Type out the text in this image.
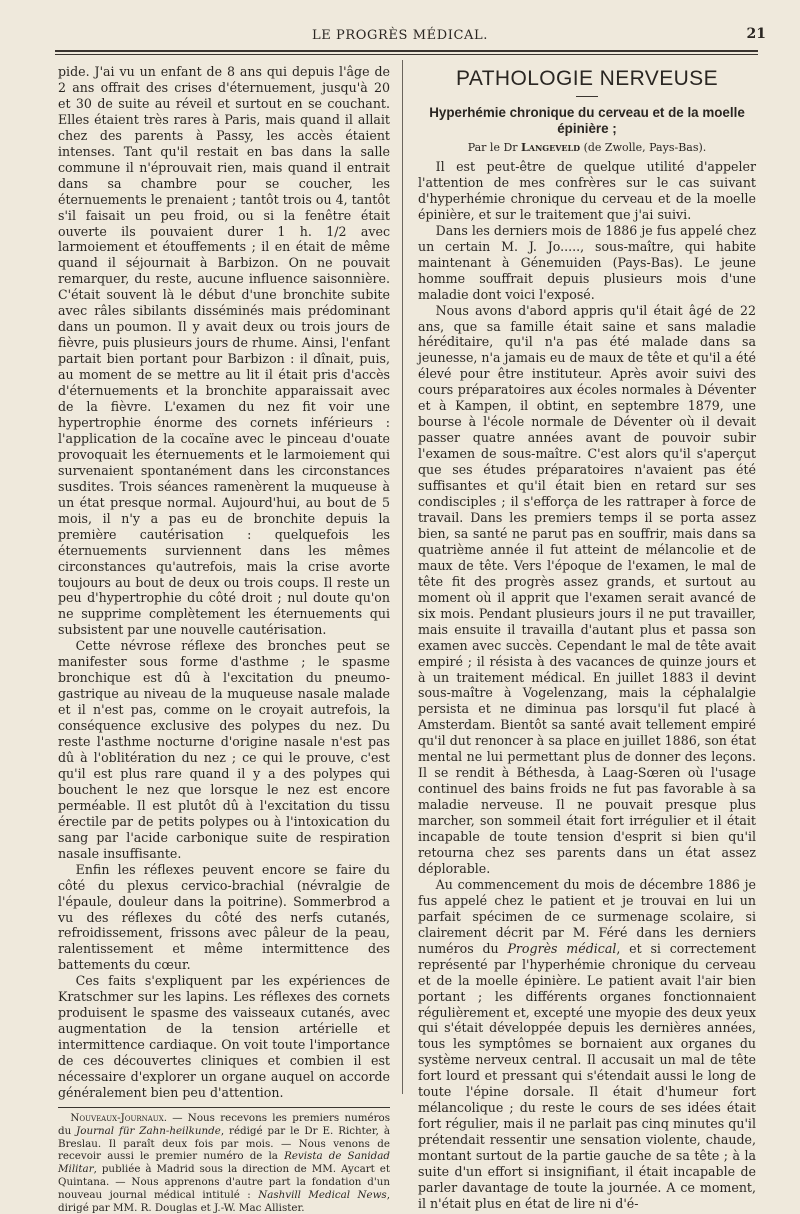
LE PROGRÈS MÉDICAL.	21

pide. J'ai vu un enfant de 8 ans qui depuis l'âge de 2 ans offrait des crises d'éternuement, jusqu'à 20 et 30 de suite au réveil et surtout en se couchant. Elles étaient très rares à Paris, mais quand il allait chez des parents à Passy, les accès étaient intenses. Tant qu'il restait en bas dans la salle commune il n'éprouvait rien, mais quand il entrait dans sa chambre pour se coucher, les éternuements le prenaient ; tantôt trois ou 4, tantôt s'il faisait un peu froid, ou si la fenêtre était ouverte ils pouvaient durer 1 h. 1/2 avec larmoiement et étouffements ; il en était de même quand il séjournait à Barbizon. On ne pouvait remarquer, du reste, aucune influence saisonnière. C'était souvent là le début d'une bronchite subite avec râles sibilants disséminés mais prédominant dans un poumon. Il y avait deux ou trois jours de fièvre, puis plusieurs jours de rhume. Ainsi, l'enfant partait bien portant pour Barbizon : il dînait, puis, au moment de se mettre au lit il était pris d'accès d'éternuements et la bronchite apparaissait avec de la fièvre. L'examen du nez fit voir une hypertrophie énorme des cornets inférieurs : l'application de la cocaïne avec le pinceau d'ouate provoquait les éternuements et le larmoiement qui survenaient spontanément dans les circonstances susdites. Trois séances ramenèrent la muqueuse à un état presque normal. Aujourd'hui, au bout de 5 mois, il n'y a pas eu de bronchite depuis la première cautérisation : quelquefois les éternuements surviennent dans les mêmes circonstances qu'autrefois, mais la crise avorte toujours au bout de deux ou trois coups. Il reste un peu d'hypertrophie du côté droit ; nul doute qu'on ne supprime complètement les éternuements qui subsistent par une nouvelle cautérisation.

Cette névrose réflexe des bronches peut se manifester sous forme d'asthme ; le spasme bronchique est dû à l'excitation du pneumo-gastrique au niveau de la muqueuse nasale malade et il n'est pas, comme on le croyait autrefois, la conséquence exclusive des polypes du nez. Du reste l'asthme nocturne d'origine nasale n'est pas dû à l'oblitération du nez ; ce qui le prouve, c'est qu'il est plus rare quand il y a des polypes qui bouchent le nez que lorsque le nez est encore perméable. Il est plutôt dû à l'excitation du tissu érectile par de petits polypes ou à l'intoxication du sang par l'acide carbonique suite de respiration nasale insuffisante.

Enfin les réflexes peuvent encore se faire du côté du plexus cervico-brachial (névralgie de l'épaule, douleur dans la poitrine). Sommerbrod a vu des réflexes du côté des nerfs cutanés, refroidissement, frissons avec pâleur de la peau, ralentissement et même intermittence des battements du cœur.

Ces faits s'expliquent par les expériences de Kratschmer sur les lapins. Les réflexes des cornets produisent le spasme des vaisseaux cutanés, avec augmentation de la tension artérielle et intermittence cardiaque. On voit toute l'importance de ces découvertes cliniques et combien il est nécessaire d'explorer un organe auquel on accorde généralement bien peu d'attention.

Nouveaux-Journaux. — Nous recevons les premiers numéros du Journal für Zahn-heilkunde, rédigé par le Dr E. Richter, à Breslau. Il paraît deux fois par mois. — Nous venons de recevoir aussi le premier numéro de la Revista de Sanidad Militar, publiée à Madrid sous la direction de MM. Aycart et Quintana. — Nous apprenons d'autre part la fondation d'un nouveau journal médical intitulé : Nashvill Medical News, dirigé par MM. R. Douglas et J.-W. Mac Allister.

PATHOLOGIE NERVEUSE
Hyperhémie chronique du cerveau et de la moelle épinière ;
Par le Dr Langeveld (de Zwolle, Pays-Bas).

Il est peut-être de quelque utilité d'appeler l'attention de mes confrères sur le cas suivant d'hyperhémie chronique du cerveau et de la moelle épinière, et sur le traitement que j'ai suivi.

Dans les derniers mois de 1886 je fus appelé chez un certain M. J. Jo....., sous-maître, qui habite maintenant à Génemuiden (Pays-Bas). Le jeune homme souffrait depuis plusieurs mois d'une maladie dont voici l'exposé.

Nous avons d'abord appris qu'il était âgé de 22 ans, que sa famille était saine et sans maladie héréditaire, qu'il n'a pas été malade dans sa jeunesse, n'a jamais eu de maux de tête et qu'il a été élevé pour être instituteur. Après avoir suivi des cours préparatoires aux écoles normales à Déventer et à Kampen, il obtint, en septembre 1879, une bourse à l'école normale de Déventer où il devait passer quatre années avant de pouvoir subir l'examen de sous-maître. C'est alors qu'il s'aperçut que ses études préparatoires n'avaient pas été suffisantes et qu'il était bien en retard sur ses condisciples ; il s'efforça de les rattraper à force de travail. Dans les premiers temps il se porta assez bien, sa santé ne parut pas en souffrir, mais dans sa quatrième année il fut atteint de mélancolie et de maux de tête. Vers l'époque de l'examen, le mal de tête fit des progrès assez grands, et surtout au moment où il apprit que l'examen serait avancé de six mois. Pendant plusieurs jours il ne put travailler, mais ensuite il travailla d'autant plus et passa son examen avec succès. Cependant le mal de tête avait empiré ; il résista à des vacances de quinze jours et à un traitement médical. En juillet 1883 il devint sous-maître à Vogelenzang, mais la céphalalgie persista et ne diminua pas lorsqu'il fut placé à Amsterdam. Bientôt sa santé avait tellement empiré qu'il dut renoncer à sa place en juillet 1886, son état mental ne lui permettant plus de donner des leçons. Il se rendit à Béthesda, à Laag-Sœren où l'usage continuel des bains froids ne fut pas favorable à sa maladie nerveuse. Il ne pouvait presque plus marcher, son sommeil était fort irrégulier et il était incapable de toute tension d'esprit si bien qu'il retourna chez ses parents dans un état assez déplorable.

Au commencement du mois de décembre 1886 je fus appelé chez le patient et je trouvai en lui un parfait spécimen de ce surmenage scolaire, si clairement décrit par M. Féré dans les derniers numéros du Progrès médical, et si correctement représenté par l'hyperhémie chronique du cerveau et de la moelle épinière. Le patient avait l'air bien portant ; les différents organes fonctionnaient régulièrement et, excepté une myopie des deux yeux qui s'était développée depuis les dernières années, tous les symptômes se bornaient aux organes du système nerveux central. Il accusait un mal de tête fort lourd et pressant qui s'étendait aussi le long de toute l'épine dorsale. Il était d'humeur fort mélancolique ; du reste le cours de ses idées était fort régulier, mais il ne parlait pas cinq minutes qu'il prétendait ressentir une sensation violente, chaude, montant surtout de la partie gauche de sa tête ; à la suite d'un effort si insignifiant, il était incapable de parler davantage de toute la journée. A ce moment, il n'était plus en état de lire ni d'é-
